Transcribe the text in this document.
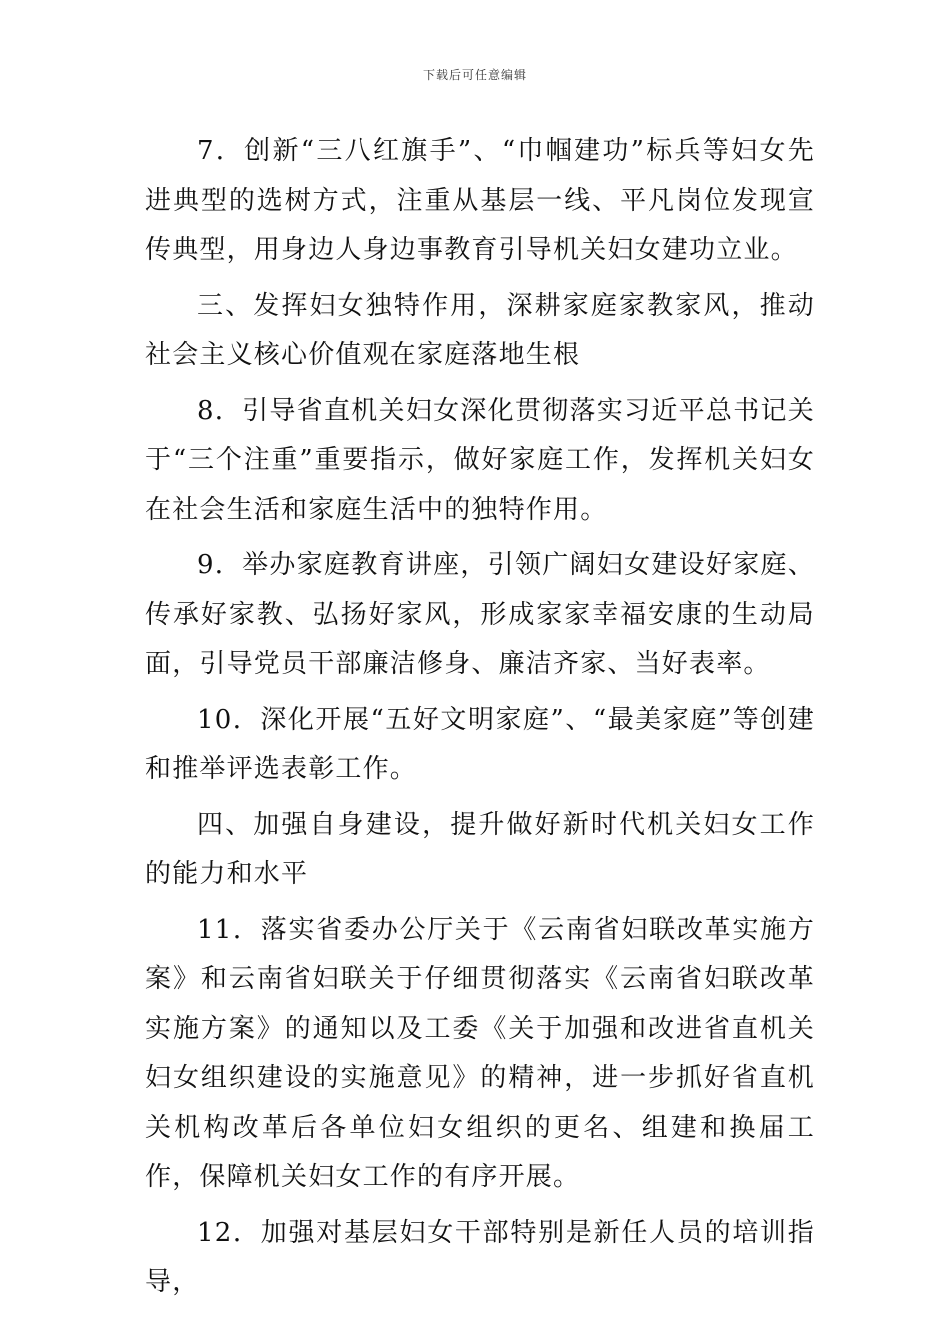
下载后可任意编辑

7．创新“三八红旗手”、“巾帼建功”标兵等妇女先进典型的选树方式，注重从基层一线、平凡岗位发现宣传典型，用身边人身边事教育引导机关妇女建功立业。

三、发挥妇女独特作用，深耕家庭家教家风，推动社会主义核心价值观在家庭落地生根

8．引导省直机关妇女深化贯彻落实习近平总书记关于“三个注重”重要指示，做好家庭工作，发挥机关妇女在社会生活和家庭生活中的独特作用。

9．举办家庭教育讲座，引领广阔妇女建设好家庭、传承好家教、弘扬好家风，形成家家幸福安康的生动局面，引导党员干部廉洁修身、廉洁齐家、当好表率。

10．深化开展“五好文明家庭”、“最美家庭”等创建和推举评选表彰工作。

四、加强自身建设，提升做好新时代机关妇女工作的能力和水平

11．落实省委办公厅关于《云南省妇联改革实施方案》和云南省妇联关于仔细贯彻落实《云南省妇联改革实施方案》的通知以及工委《关于加强和改进省直机关妇女组织建设的实施意见》的精神，进一步抓好省直机关机构改革后各单位妇女组织的更名、组建和换届工作，保障机关妇女工作的有序开展。

12．加强对基层妇女干部特别是新任人员的培训指导，
